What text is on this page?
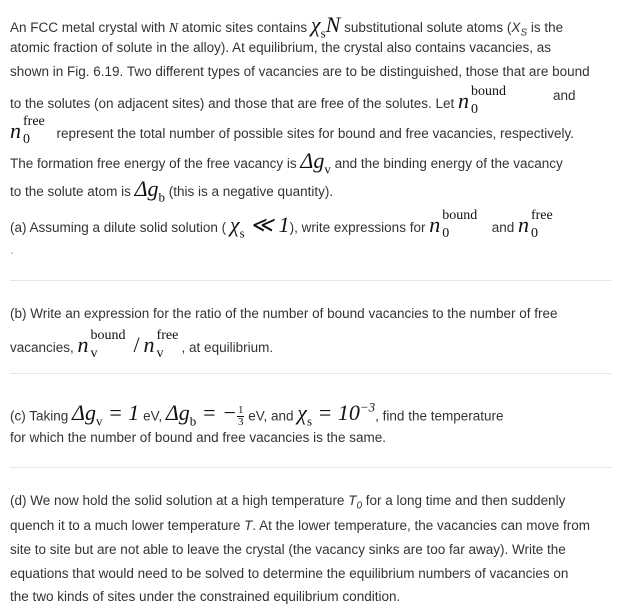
An FCC metal crystal with N atomic sites contains $\chi_sN$ substitutional solute atoms ($X_S$ is the
atomic fraction of solute in the alloy). At equilibrium, the crystal also contains vacancies, as
shown in Fig. 6.19. Two different types of vacancies are to be distinguished, those that are bound
to the solutes (on adjacent sites) and those that are free of the solutes. Let n 0
bound	and
n 0
free
represent the total number of possible sites for bound and free vacancies, respectively.
The formation free energy of the free vacancy is $\Delta g_v$ and the binding energy of the vacancy
to the solute atom is $\Delta g_b$ (this is a negative quantity).
(a) Assuming a dilute solid solution ( $\chi_s$ ≪ 1), write expressions for n 0
bound
and n 0
free
.
(b) Write an expression for the ratio of the number of bound vacancies to the number of free
vacancies, n v
bound / n v
free
, at equilibrium.
(c) Taking $\Delta g_v = 1$ eV, $\Delta g_b$ = − $\frac{1}{3}$ eV, and $\chi_s = 10^{-3}$, find the temperature
for which the number of bound and free vacancies is the same.
(d) We now hold the solid solution at a high temperature $T_0$ for a long time and then suddenly
quench it to a much lower temperature T. At the lower temperature, the vacancies can move from
site to site but are not able to leave the crystal (the vacancy sinks are too far away). Write the
equations that would need to be solved to determine the equilibrium numbers of vacancies on
the two kinds of sites under the constrained equilibrium condition.
